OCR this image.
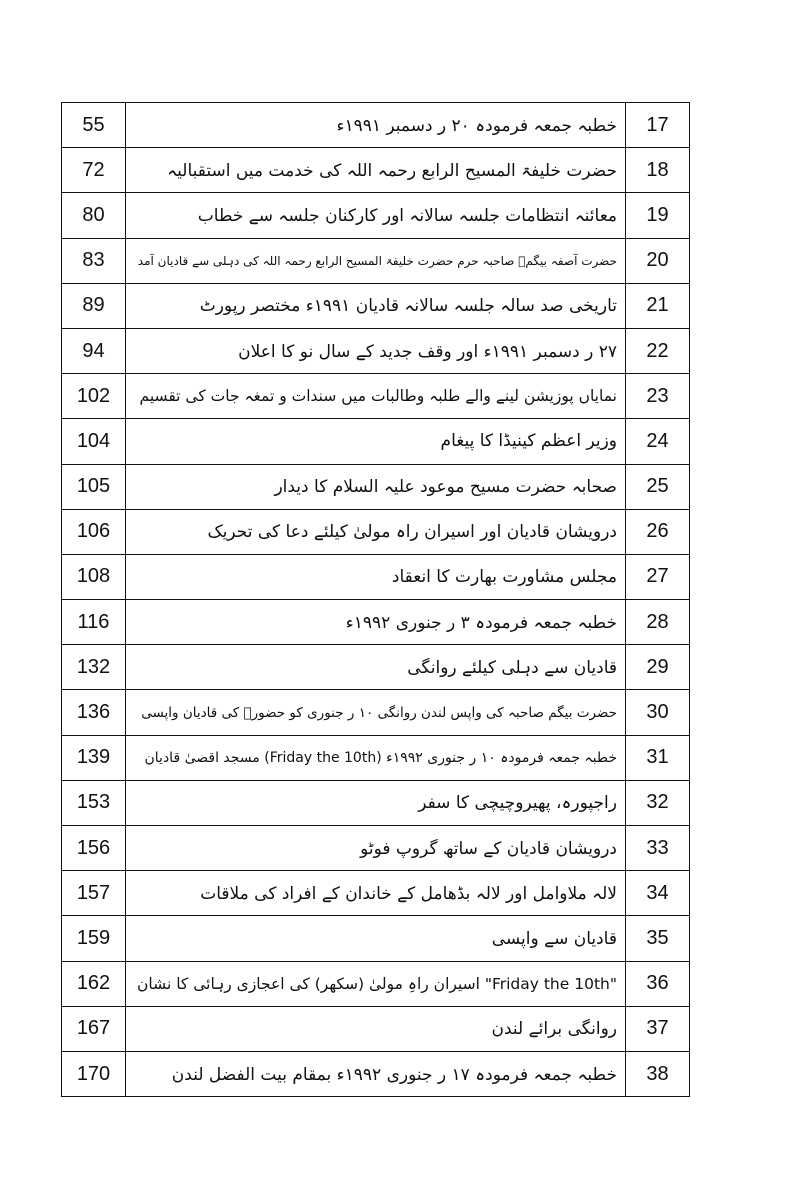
55	خطبہ جمعہ فرمودہ ۲۰ ر دسمبر ۱۹۹۱ء	17
72	حضرت خلیفۃ المسیح الرابع رحمہ اللہ کی خدمت میں استقبالیہ	18
80	معائنہ انتظامات جلسہ سالانہ اور کارکنان جلسہ سے خطاب	19
83	حضرت آصفہ بیگمؒ صاحبہ حرم حضرت خلیفۃ المسیح الرابع رحمہ اللہ کی دہلی سے قادیان آمد	20
89	تاریخی صد سالہ جلسہ سالانہ قادیان ۱۹۹۱ء مختصر رپورٹ	21
94	۲۷ ر دسمبر ۱۹۹۱ء اور وقف جدید کے سال نو کا اعلان	22
102	نمایاں پوزیشن لینے والے طلبہ وطالبات میں سندات و تمغہ جات کی تقسیم	23
104	وزیر اعظم کینیڈا کا پیغام	24
105	صحابہ حضرت مسیح موعود علیہ السلام کا دیدار	25
106	درویشان قادیان اور اسیران راہ مولیٰ کیلئے دعا کی تحریک	26
108	مجلس مشاورت بھارت کا انعقاد	27
116	خطبہ جمعہ فرمودہ ۳ ر جنوری ۱۹۹۲ء	28
132	قادیان سے دہلی کیلئے روانگی	29
136	حضرت بیگم صاحبہ کی واپس لندن روانگی ۱۰ ر جنوری کو حضورؒ کی قادیان واپسی	30
139	خطبہ جمعہ فرمودہ ۱۰ ر جنوری ۱۹۹۲ء (Friday the 10th) مسجد اقصیٰ قادیان	31
153	راجپورہ، پھیروچیچی کا سفر	32
156	درویشان قادیان کے ساتھ گروپ فوٹو	33
157	لالہ ملاوامل اور لالہ بڈھامل کے خاندان کے افراد کی ملاقات	34
159	قادیان سے واپسی	35
162	"Friday the 10th" اسیران راہِ مولیٰ (سکھر) کی اعجازی رہائی کا نشان	36
167	روانگی برائے لندن	37
170	خطبہ جمعہ فرمودہ ۱۷ ر جنوری ۱۹۹۲ء بمقام بیت الفضل لندن	38
